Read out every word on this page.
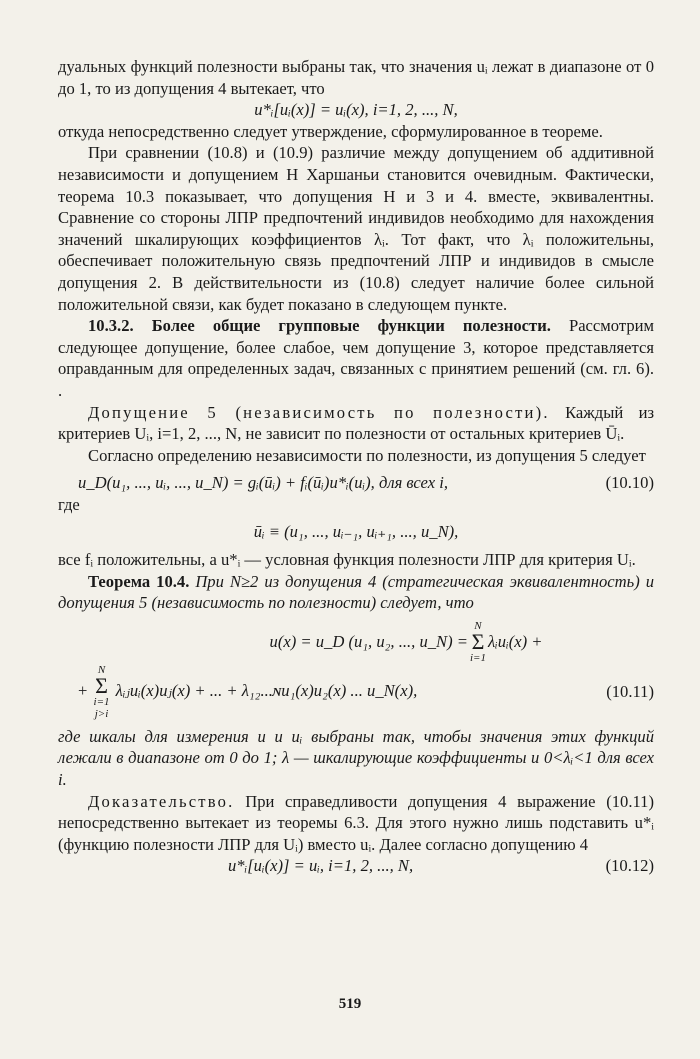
дуальных функций полезности выбраны так, что значения uᵢ лежат в диапазоне от 0 до 1, то из допущения 4 вытекает, что

u*ᵢ[uᵢ(x)] = uᵢ(x), i=1, 2, ..., N,

откуда непосредственно следует утверждение, сформулированное в теореме.

При сравнении (10.8) и (10.9) различие между допущением об аддитивной независимости и допущением H Харшаньи становится очевидным. Фактически, теорема 10.3 показывает, что допущения H и 3 и 4. вместе, эквивалентны. Сравнение со стороны ЛПР предпочтений индивидов необходимо для нахождения значений шкалирующих коэффициентов λᵢ. Тот факт, что λᵢ положительны, обеспечивает положительную связь предпочтений ЛПР и индивидов в смысле допущения 2. В действительности из (10.8) следует наличие более сильной положительной связи, как будет показано в следующем пункте.

10.3.2. Более общие групповые функции полезности. Рассмотрим следующее допущение, более слабое, чем допущение 3, которое представляется оправданным для определенных задач, связанных с принятием решений (см. гл. 6). .

Допущение 5 (независимость по полезности). Каждый из критериев Uᵢ, i=1, 2, ..., N, не зависит по полезности от остальных критериев Ūᵢ.

Согласно определению независимости по полезности, из допущения 5 следует

u_D(u₁, ..., uᵢ, ..., u_N) = gᵢ(ūᵢ) + fᵢ(ūᵢ)u*ᵢ(uᵢ), для всех i,	(10.10)

где

ūᵢ ≡ (u₁, ..., uᵢ₋₁, uᵢ₊₁, ..., u_N),

все fᵢ положительны, а u*ᵢ — условная функция полезности ЛПР для критерия Uᵢ.

Теорема 10.4. При N≥2 из допущения 4 (стратегическая эквивалентность) и допущения 5 (независимость по полезности) следует, что

u(x) = u_D (u₁, u₂, ..., u_N) =
N
Σ
i=1
λᵢuᵢ(x) +
+
N
Σ
i=1
j>i
λᵢⱼuᵢ(x)uⱼ(x) + ... + λ₁₂...ɴu₁(x)u₂(x) ... u_N(x),	(10.11)

где шкалы для измерения u и uᵢ выбраны так, чтобы значения этих функций лежали в диапазоне от 0 до 1; λ — шкалирующие коэффициенты и 0<λᵢ<1 для всех i.

Доказательство. При справедливости допущения 4 выражение (10.11) непосредственно вытекает из теоремы 6.3. Для этого нужно лишь подставить u*ᵢ (функцию полезности ЛПР для Uᵢ) вместо uᵢ. Далее согласно допущению 4

u*ᵢ[uᵢ(x)] = uᵢ, i=1, 2, ..., N,	(10.12)
519
